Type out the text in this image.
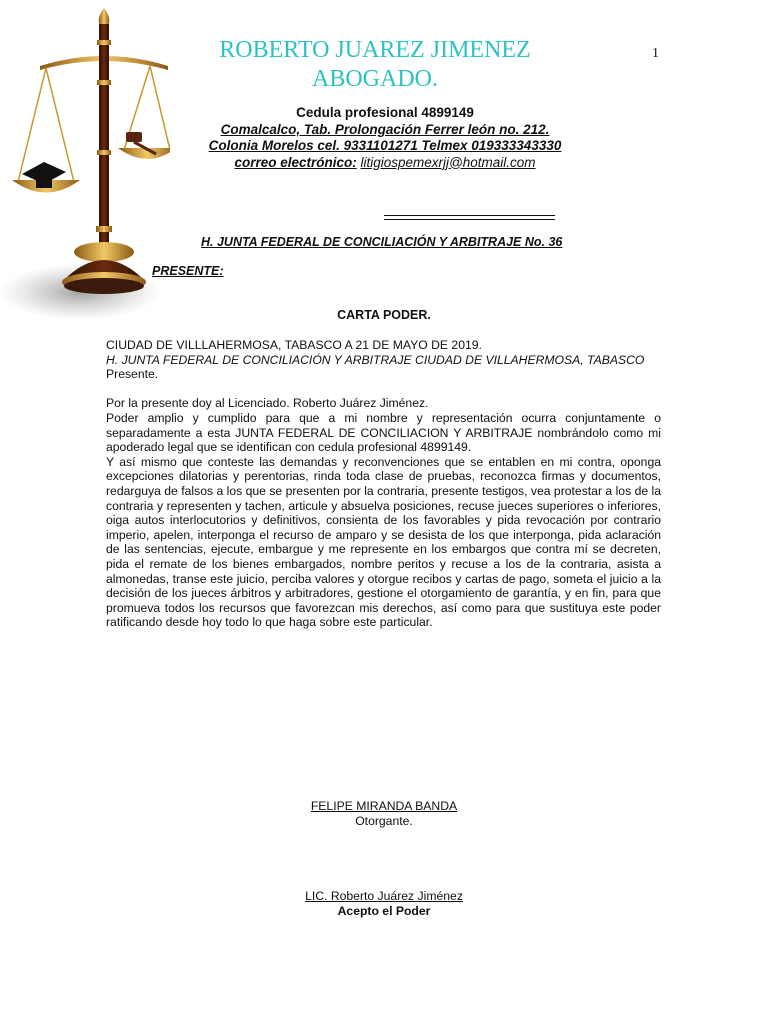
ROBERTO JUAREZ JIMENEZ
ABOGADO.
1
Cedula profesional 4899149
Comalcalco, Tab. Prolongación Ferrer león no. 212.
Colonia Morelos cel. 9331101271 Telmex 019333343330
correo electrónico: litigiospemexrjj@hotmail.com
H. JUNTA FEDERAL DE CONCILIACIÓN Y ARBITRAJE No. 36
PRESENTE:
CARTA PODER.

CIUDAD DE VILLLAHERMOSA, TABASCO A 21 DE MAYO DE 2019.

H. JUNTA FEDERAL DE CONCILIACIÓN Y ARBITRAJE CIUDAD DE VILLAHERMOSA, TABASCO

Presente.

Por la presente doy al Licenciado. Roberto Juárez Jiménez.

Poder amplio y cumplido para que a mi nombre y representación ocurra conjuntamente o separadamente a esta JUNTA FEDERAL DE CONCILIACION Y ARBITRAJE nombrándolo como mi apoderado legal que se identifican con cedula profesional 4899149.

Y así mismo que conteste las demandas y reconvenciones que se entablen en mi contra, oponga excepciones dilatorias y perentorias, rinda toda clase de pruebas, reconozca firmas y documentos, redarguya de falsos a los que se presenten por la contraria, presente testigos, vea protestar a los de la contraria y representen y tachen, articule y absuelva posiciones, recuse jueces superiores o inferiores, oiga autos interlocutorios y definitivos, consienta de los favorables y pida revocación por contrario imperio, apelen, interponga el recurso de amparo y se desista de los que interponga, pida aclaración de las sentencias, ejecute, embargue y me represente en los embargos que contra mí se decreten, pida el remate de los bienes embargados, nombre peritos y recuse a los de la contraria, asista a almonedas, transe este juicio, perciba valores y otorgue recibos y cartas de pago, someta el juicio a la decisión de los jueces árbitros y arbitradores, gestione el otorgamiento de garantía, y en fin, para que promueva todos los recursos que favorezcan mis derechos, así como para que sustituya este poder ratificando desde hoy todo lo que haga sobre este particular.

FELIPE MIRANDA BANDA
Otorgante.
LIC. Roberto Juárez Jiménez
Acepto el Poder
